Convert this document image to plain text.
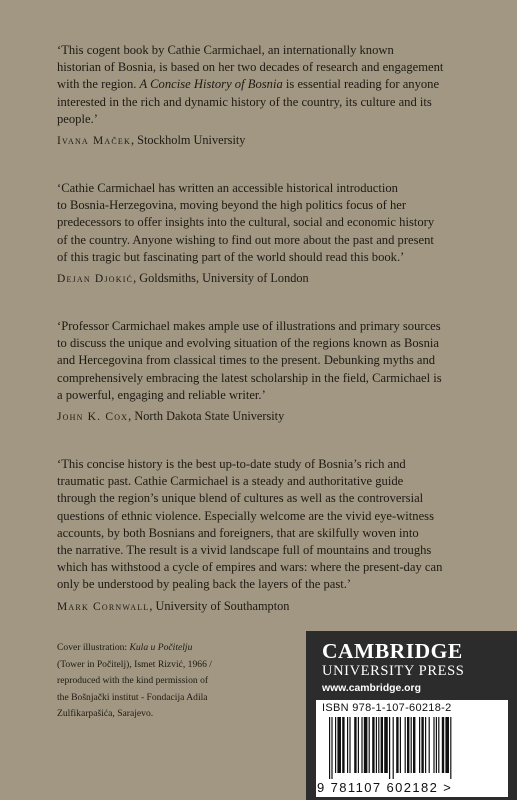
‘This cogent book by Cathie Carmichael, an internationally known
historian of Bosnia, is based on her two decades of research and engagement
with the region. A Concise History of Bosnia is essential reading for anyone
interested in the rich and dynamic history of the country, its culture and its
people.’

Ivana Maček, Stockholm University

‘Cathie Carmichael has written an accessible historical introduction
to Bosnia-Herzegovina, moving beyond the high politics focus of her
predecessors to offer insights into the cultural, social and economic history
of the country. Anyone wishing to find out more about the past and present
of this tragic but fascinating part of the world should read this book.’

Dejan Djokić, Goldsmiths, University of London

‘Professor Carmichael makes ample use of illustrations and primary sources
to discuss the unique and evolving situation of the regions known as Bosnia
and Hercegovina from classical times to the present. Debunking myths and
comprehensively embracing the latest scholarship in the field, Carmichael is
a powerful, engaging and reliable writer.’

John K. Cox, North Dakota State University

‘This concise history is the best up-to-date study of Bosnia’s rich and
traumatic past. Cathie Carmichael is a steady and authoritative guide
through the region’s unique blend of cultures as well as the controversial
questions of ethnic violence. Especially welcome are the vivid eye-witness
accounts, by both Bosnians and foreigners, that are skilfully woven into
the narrative. The result is a vivid landscape full of mountains and troughs
which has withstood a cycle of empires and wars: where the present-day can
only be understood by pealing back the layers of the past.’

Mark Cornwall, University of Southampton
Cover illustration: Kula u Počitelju
(Tower in Počitelj), Ismet Rizvić, 1966 /
reproduced with the kind permission of
the Bošnjački institut - Fondacija Adila
Zulfikarpašića, Sarajevo.
CAMBRIDGE
UNIVERSITY PRESS
www.cambridge.org
ISBN 978-1-107-60218-2
9 781107 602182 >
